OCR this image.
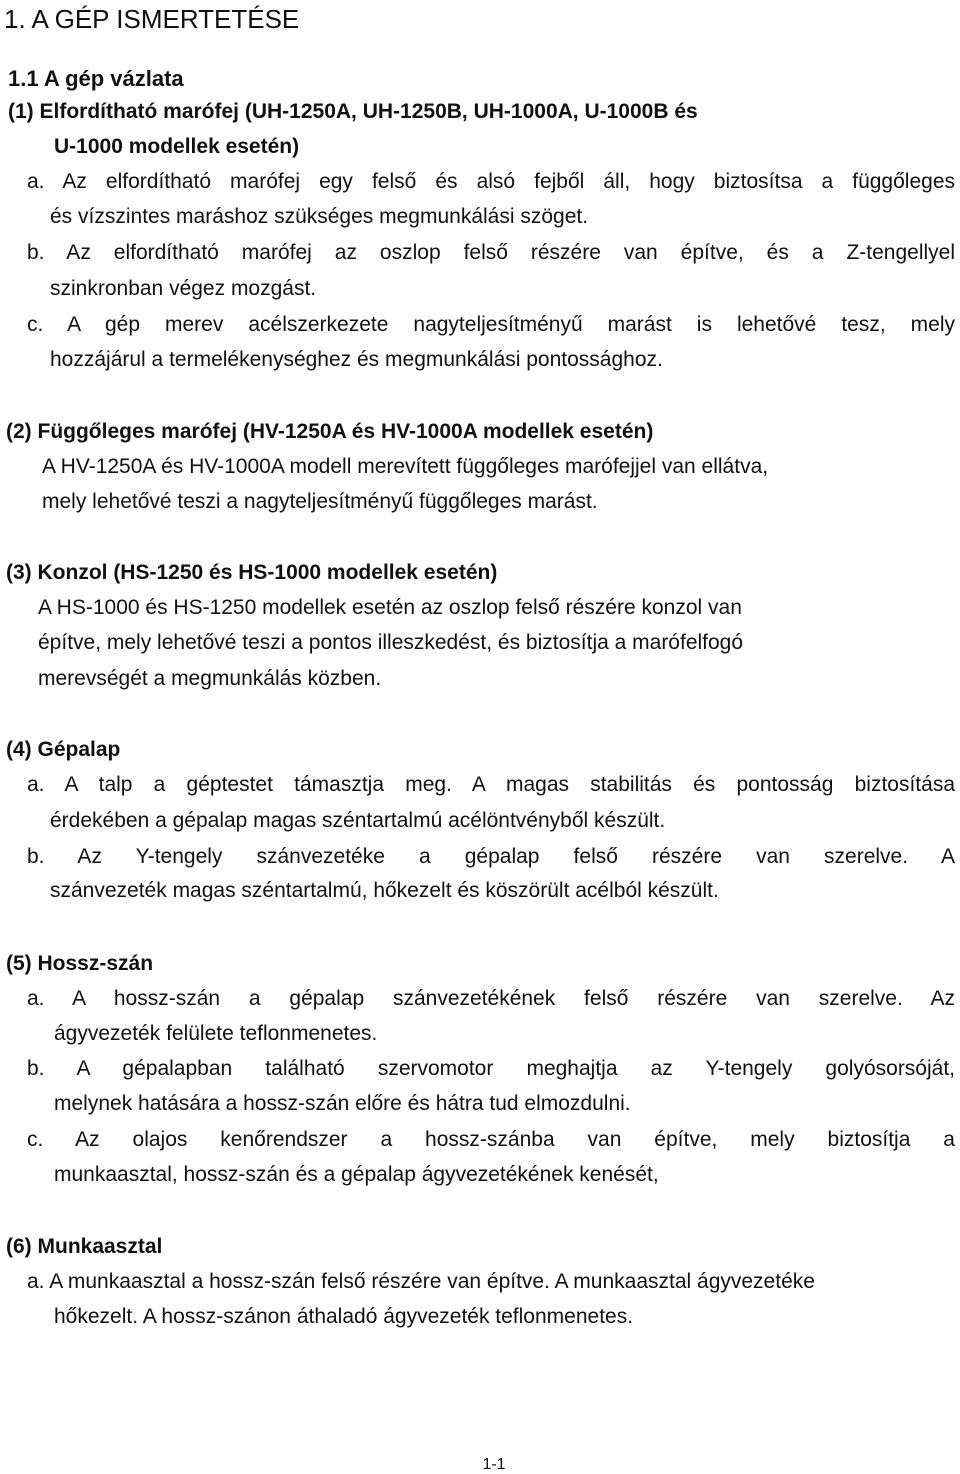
1. A GÉP ISMERTETÉSE
1.1 A gép vázlata
(1) Elfordítható marófej (UH-1250A, UH-1250B, UH-1000A, U-1000B és
U-1000 modellek esetén)
a. Az elfordítható marófej egy felső és alsó fejből áll, hogy biztosítsa a függőleges
és vízszintes maráshoz szükséges megmunkálási szöget.
b. Az elfordítható marófej az oszlop felső részére van építve, és a Z-tengellyel
szinkronban végez mozgást.
c. A gép merev acélszerkezete nagyteljesítményű marást is lehetővé tesz, mely
hozzájárul a termelékenységhez és megmunkálási pontossághoz.
(2) Függőleges marófej (HV-1250A és HV-1000A modellek esetén)
A HV-1250A és HV-1000A modell merevített függőleges marófejjel van ellátva,
mely lehetővé teszi a nagyteljesítményű függőleges marást.
(3) Konzol (HS-1250 és HS-1000 modellek esetén)
A HS-1000 és HS-1250 modellek esetén az oszlop felső részére konzol van
építve, mely lehetővé teszi a pontos illeszkedést, és biztosítja a marófelfogó
merevségét a megmunkálás közben.
(4) Gépalap
a. A talp a géptestet támasztja meg. A magas stabilitás és pontosság biztosítása
érdekében a gépalap magas széntartalmú acélöntvényből készült.
b. Az Y-tengely szánvezetéke a gépalap felső részére van szerelve. A
szánvezeték magas széntartalmú, hőkezelt és köszörült acélból készült.
(5) Hossz-szán
a. A hossz-szán a gépalap szánvezetékének felső részére van szerelve. Az
ágyvezeték felülete teflonmenetes.
b. A gépalapban található szervomotor meghajtja az Y-tengely golyósorsóját,
melynek hatására a hossz-szán előre és hátra tud elmozdulni.
c. Az olajos kenőrendszer a hossz-szánba van építve, mely biztosítja a
munkaasztal, hossz-szán és a gépalap ágyvezetékének kenését,
(6) Munkaasztal
a. A munkaasztal a hossz-szán felső részére van építve. A munkaasztal ágyvezetéke
hőkezelt. A hossz-szánon áthaladó ágyvezeték teflonmenetes.
1-1
